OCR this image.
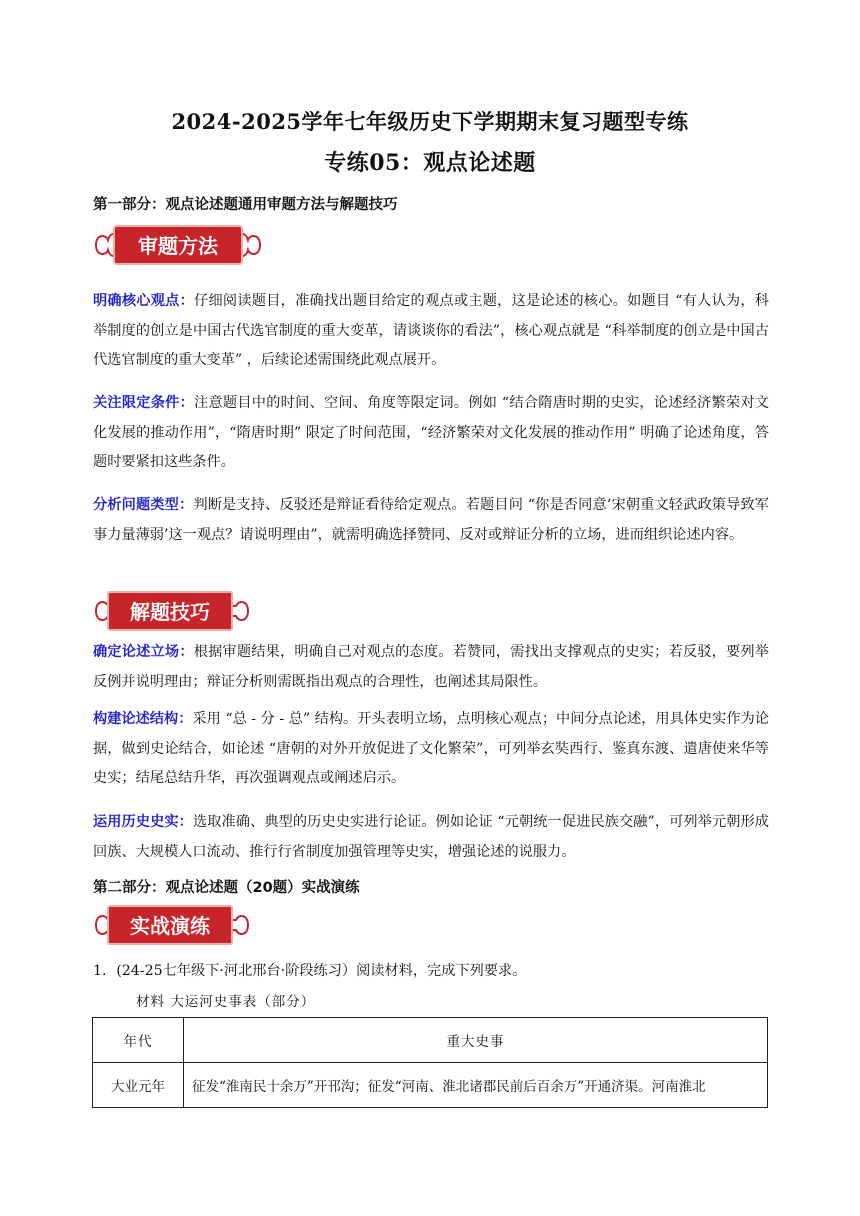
2024-2025学年七年级历史下学期期末复习题型专练
专练05：观点论述题
第一部分：观点论述题通用审题方法与解题技巧
审题方法
明确核心观点：仔细阅读题目，准确找出题目给定的观点或主题，这是论述的核心。如题目 “有人认为，科举制度的创立是中国古代选官制度的重大变革，请谈谈你的看法”，核心观点就是 “科举制度的创立是中国古代选官制度的重大变革” ，后续论述需围绕此观点展开。
关注限定条件：注意题目中的时间、空间、角度等限定词。例如 “结合隋唐时期的史实，论述经济繁荣对文化发展的推动作用”，“隋唐时期” 限定了时间范围，“经济繁荣对文化发展的推动作用” 明确了论述角度，答题时要紧扣这些条件。
分析问题类型：判断是支持、反驳还是辩证看待给定观点。若题目问 “你是否同意‘宋朝重文轻武政策导致军事力量薄弱’这一观点？请说明理由”，就需明确选择赞同、反对或辩证分析的立场，进而组织论述内容。
解题技巧
确定论述立场：根据审题结果，明确自己对观点的态度。若赞同，需找出支撑观点的史实；若反驳，要列举反例并说明理由；辩证分析则需既指出观点的合理性，也阐述其局限性。
构建论述结构：采用 “总 - 分 - 总” 结构。开头表明立场，点明核心观点；中间分点论述，用具体史实作为论据，做到史论结合，如论述 “唐朝的对外开放促进了文化繁荣”，可列举玄奘西行、鉴真东渡、遣唐使来华等史实；结尾总结升华，再次强调观点或阐述启示。
运用历史史实：选取准确、典型的历史史实进行论证。例如论证 “元朝统一促进民族交融”，可列举元朝形成回族、大规模人口流动、推行行省制度加强管理等史实，增强论述的说服力。
第二部分：观点论述题（20题）实战演练
实战演练
1．(24-25七年级下·河北邢台·阶段练习）阅读材料，完成下列要求。
材料 大运河史事表（部分）
年代	重大史事
大业元年	征发“淮南民十余万”开邗沟；征发“河南、淮北诸郡民前后百余万”开通济渠。河南淮北
